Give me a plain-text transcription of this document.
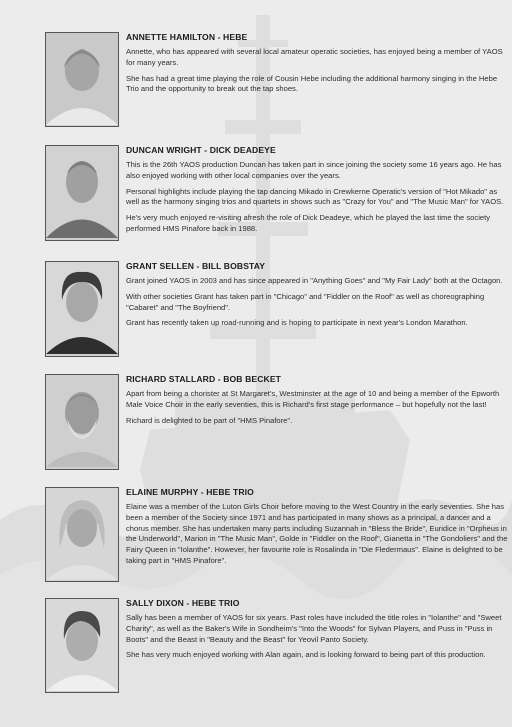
ANNETTE HAMILTON - HEBE

Annette, who has appeared with several local amateur operatic societies, has enjoyed being a member of YAOS for many years.

She has had a great time playing the role of Cousin Hebe including the additional harmony singing in the Hebe Trio and the opportunity to break out the tap shoes.

DUNCAN WRIGHT - DICK DEADEYE

This is the 26th YAOS production Duncan has taken part in since joining the society some 16 years ago. He has also enjoyed working with other local companies over the years.

Personal highlights include playing the tap dancing Mikado in Crewkerne Operatic's version of "Hot Mikado" as well as the harmony singing trios and quartets in shows such as "Crazy for You" and "The Music Man" for YAOS.

He's very much enjoyed re-visiting afresh the role of Dick Deadeye, which he played the last time the society performed HMS Pinafore back in 1988.

GRANT SELLEN - BILL BOBSTAY

Grant joined YAOS in 2003 and has since appeared in "Anything Goes" and "My Fair Lady" both at the Octagon.

With other societies Grant has taken part in "Chicago" and "Fiddler on the Roof" as well as choreographing "Cabaret" and "The Boyfriend".

Grant has recently taken up road-running and is hoping to participate in next year's London Marathon.

RICHARD STALLARD - BOB BECKET

Apart from being a chorister at St Margaret's, Westminster at the age of 10 and being a member of the Epworth Male Voice Choir in the early seventies, this is Richard's first stage performance – but hopefully not the last!

Richard is delighted to be part of "HMS Pinafore".

ELAINE MURPHY - HEBE TRIO

Elaine was a member of the Luton Girls Choir before moving to the West Country in the early seventies. She has been a member of the Society since 1971 and has participated in many shows as a principal, a dancer and a chorus member. She has undertaken many parts including Suzannah in "Bless the Bride", Euridice in "Orpheus in the Underworld", Marion in "The Music Man", Golde in "Fiddler on the Roof", Gianetta in "The Gondoliers" and the Fairy Queen in "Iolanthe". However, her favourite role is Rosalinda in "Die Fledermaus". Elaine is delighted to be taking part in "HMS Pinafore".

SALLY DIXON - HEBE TRIO

Sally has been a member of YAOS for six years. Past roles have included the title roles in "Iolanthe" and "Sweet Charity", as well as the Baker's Wife in Sondheim's "Into the Woods" for Sylvan Players, and Puss in "Puss in Boots" and the Beast in "Beauty and the Beast" for Yeovil Panto Society.

She has very much enjoyed working with Alan again, and is looking forward to being part of this production.
